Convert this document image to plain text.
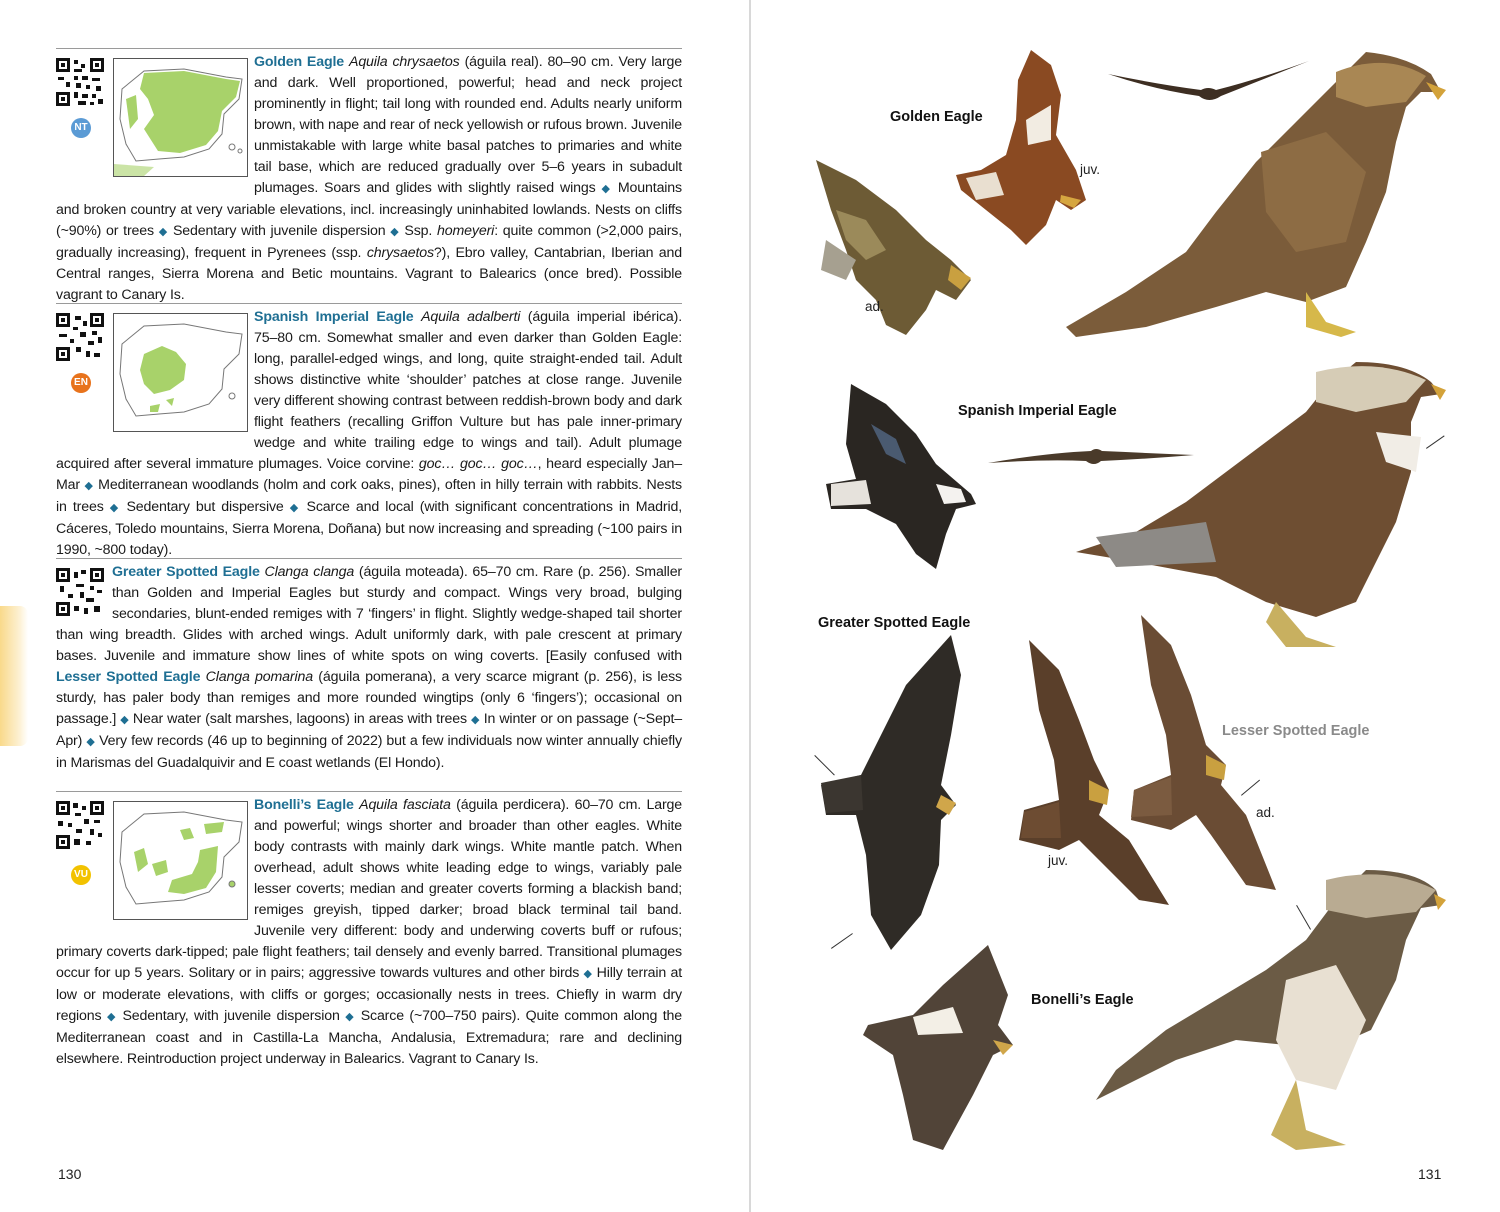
NT

Golden Eagle Aquila chrysaetos (águila real). 80–90 cm. Very large and dark. Well proportioned, powerful; head and neck project prominently in flight; tail long with rounded end. Adults nearly uniform brown, with nape and rear of neck yellowish or rufous brown. Juvenile unmistakable with large white basal patches to primaries and white tail base, which are reduced gradually over 5–6 years in subadult plumages. Soars and glides with slightly raised wings ◆ Mountains and broken country at very variable elevations, incl. increasingly uninhabited lowlands. Nests on cliffs (~90%) or trees ◆ Sedentary with juvenile dispersion ◆ Ssp. homeyeri: quite common (>2,000 pairs, gradually increasing), frequent in Pyrenees (ssp. chrysaetos?), Ebro valley, Cantabrian, Iberian and Central ranges, Sierra Morena and Betic mountains. Vagrant to Balearics (once bred). Possible vagrant to Canary Is.

EN

Spanish Imperial Eagle Aquila adalberti (águila imperial ibérica). 75–80 cm. Somewhat smaller and even darker than Golden Eagle: long, parallel-edged wings, and long, quite straight-ended tail. Adult shows distinctive white ‘shoulder’ patches at close range. Juvenile very different showing contrast between reddish-brown body and dark flight feathers (recalling Griffon Vulture but has pale inner-primary wedge and white trailing edge to wings and tail). Adult plumage acquired after several immature plumages. Voice corvine: goc… goc… goc…, heard especially Jan–Mar ◆ Mediterranean woodlands (holm and cork oaks, pines), often in hilly terrain with rabbits. Nests in trees ◆ Sedentary but dispersive ◆ Scarce and local (with significant concentrations in Madrid, Cáceres, Toledo mountains, Sierra Morena, Doñana) but now increasing and spreading (~100 pairs in 1990, ~800 today).

Greater Spotted Eagle Clanga clanga (águila moteada). 65–70 cm. Rare (p. 256). Smaller than Golden and Imperial Eagles but sturdy and compact. Wings very broad, bulging secondaries, blunt-ended remiges with 7 ‘fingers’ in flight. Slightly wedge-shaped tail shorter than wing breadth. Glides with arched wings. Adult uniformly dark, with pale crescent at primary bases. Juvenile and immature show lines of white spots on wing coverts. [Easily confused with Lesser Spotted Eagle Clanga pomarina (águila pomerana), a very scarce migrant (p. 256), is less sturdy, has paler body than remiges and more rounded wingtips (only 6 ‘fingers’); occasional on passage.] ◆ Near water (salt marshes, lagoons) in areas with trees ◆ In winter or on passage (~Sept–Apr) ◆ Very few records (46 up to beginning of 2022) but a few individuals now winter annually chiefly in Marismas del Guadalquivir and E coast wetlands (El Hondo).

VU

Bonelli’s Eagle Aquila fasciata (águila perdicera). 60–70 cm. Large and powerful; wings shorter and broader than other eagles. White body contrasts with mainly dark wings. White mantle patch. When overhead, adult shows white leading edge to wings, variably pale lesser coverts; median and greater coverts forming a blackish band; remiges greyish, tipped darker; broad black terminal tail band. Juvenile very different: body and underwing coverts buff or rufous; primary coverts dark-tipped; pale flight feathers; tail densely and evenly barred. Transitional plumages occur for up 5 years. Solitary or in pairs; aggressive towards vultures and other birds ◆ Hilly terrain at low or moderate elevations, with cliffs or gorges; occasionally nests in trees. Chiefly in warm dry regions ◆ Sedentary, with juvenile dispersion ◆ Scarce (~700–750 pairs). Quite common along the Mediterranean coast and in Castilla-La Mancha, Andalusia, Extremadura; rare and declining elsewhere. Reintroduction project underway in Balearics. Vagrant to Canary Is.

130
Golden Eagle
juv.
ad.
Spanish Imperial Eagle
Greater Spotted Eagle
Lesser Spotted Eagle
ad.
juv.
Bonelli’s Eagle
131
